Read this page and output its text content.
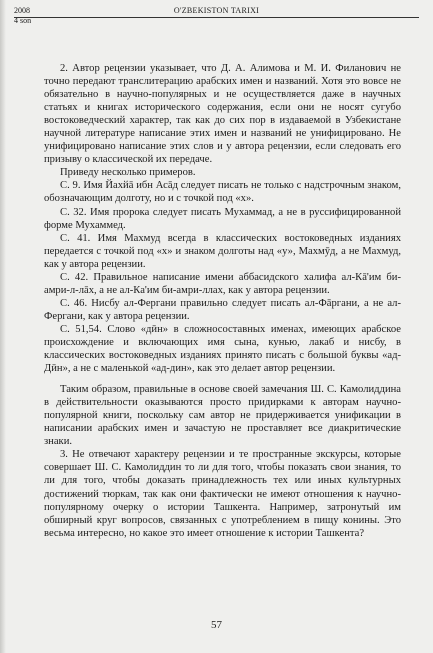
2008	O'ZBEKISTON TARIXI
4 son

2. Автор рецензии указывает, что Д. А. Алимова и М. И. Филанович не точно передают транслитерацию арабских имен и названий. Хотя это вовсе не обязательно в научно-популярных и не осуществляется даже в научных статьях и книгах исторического содержания, если они не носят сугубо востоковедческий характер, так как до сих пор в издаваемой в Узбекистане научной литературе написание этих имен и названий не унифицировано. Не унифицировано написание этих слов и у автора рецензии, если следовать его призыву о классической их передаче.

Приведу несколько примеров.

С. 9. Имя Йахйā ибн Асāд следует писать не только с надстрочным знаком, обозначающим долготу, но и с точкой под «х».

С. 32. Имя пророка следует писать Мухаммад, а не в руссифицированной форме Мухаммед.

С. 41. Имя Махмуд всегда в классических востоковедных изданиях передается с точкой под «х» и знаком долготы над «у», Махмӯд, а не Махмуд, как у автора рецензии.

С. 42. Правильное написание имени аббасидского халифа ал-Кā'им би-амри-л-лāх, а не ал-Ка'им би-амри-ллах, как у автора рецензии.

С. 46. Нисбу ал-Фергани правильно следует писать ал-Фāргани, а не ал-Фергани, как у автора рецензии.

С. 51,54. Слово «дӣн» в сложносоставных именах, имеющих арабское происхождение и включающих имя сына, кунью, лакаб и нисбу, в классических востоковедных изданиях принято писать с большой буквы «ад-Дӣн», а не с маленькой «ад-дин», как это делает автор рецензии.

Таким образом, правильные в основе своей замечания Ш. С. Камолиддина в действительности оказываются просто придирками к авторам научно-популярной книги, поскольку сам автор не придерживается унификации в написании арабских имен и зачастую не проставляет все диакритические знаки.

3. Не отвечают характеру рецензии и те пространные экскурсы, которые совершает Ш. С. Камолиддин то ли для того, чтобы показать свои знания, то ли для того, чтобы доказать принадлежность тех или иных культурных достижений тюркам, так как они фактически не имеют отношения к научно-популярному очерку о истории Ташкента. Например, затронутый им обширный круг вопросов, связанных с употреблением в пищу конины. Это весьма интересно, но какое это имеет отношение к истории Ташкента?

57
